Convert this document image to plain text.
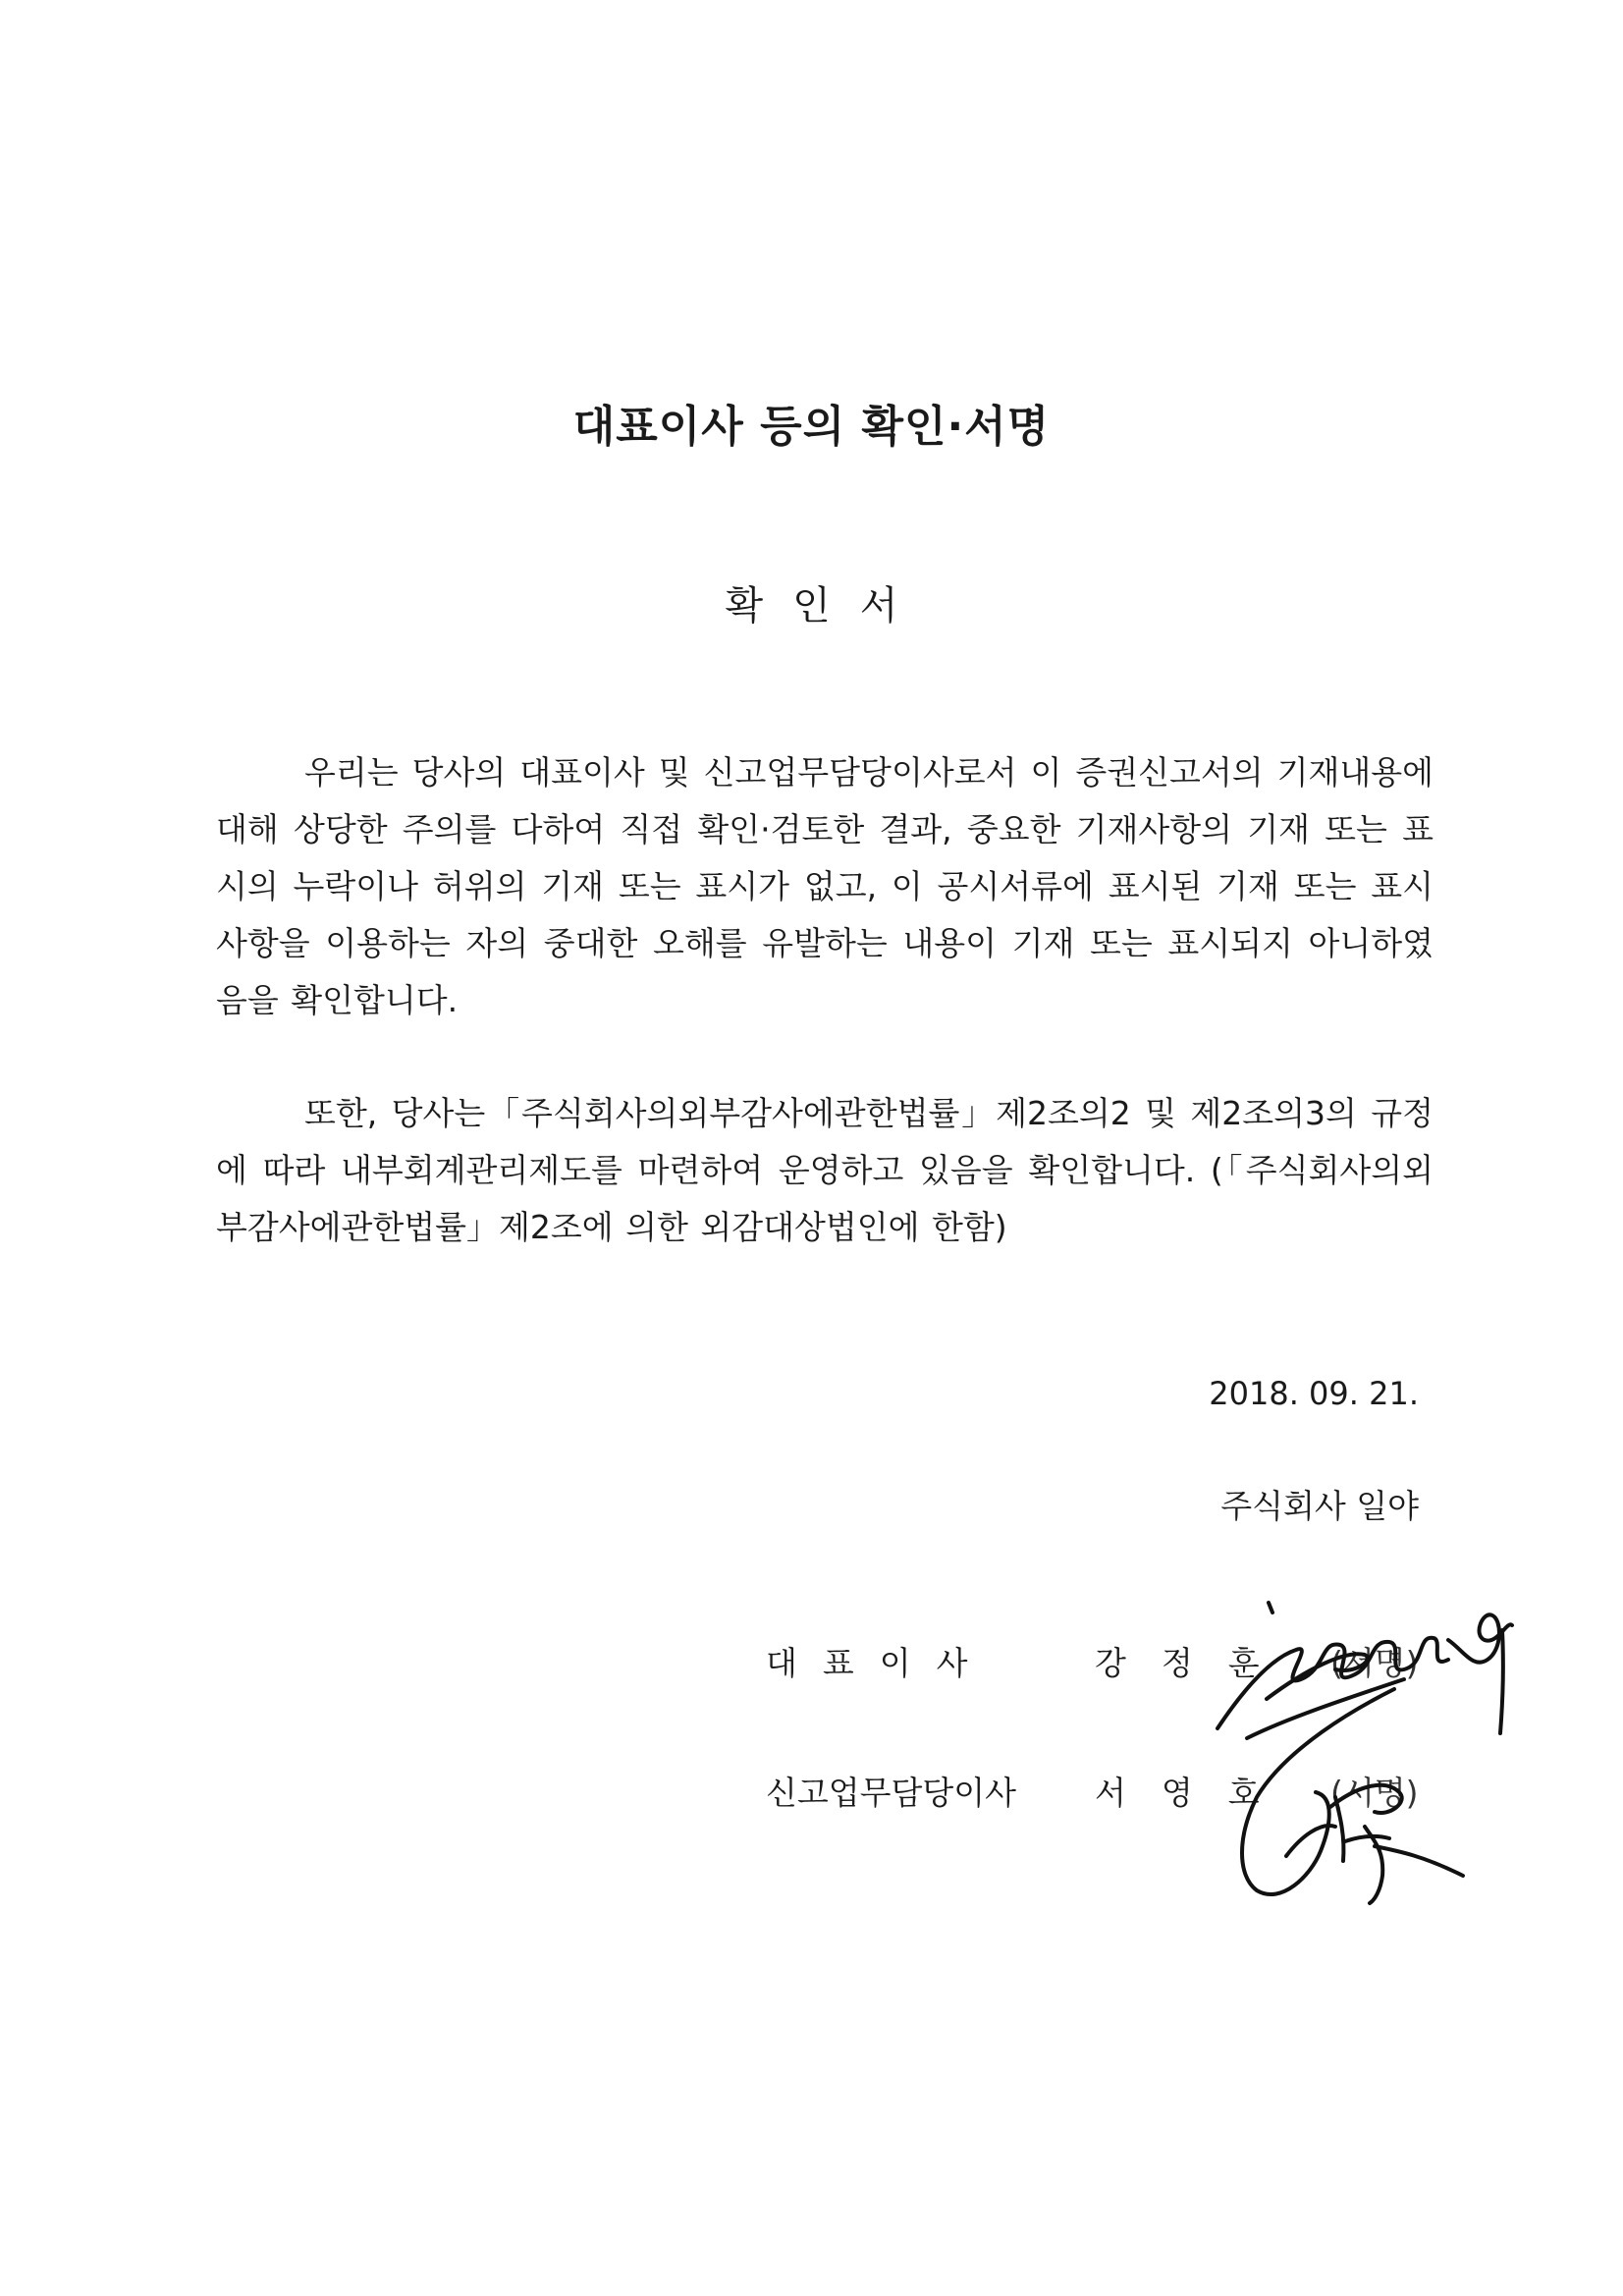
대표이사 등의 확인·서명
확인서
우리는 당사의 대표이사 및 신고업무담당이사로서 이 증권신고서의 기재내용에 대해 상당한 주의를 다하여 직접 확인·검토한 결과, 중요한 기재사항의 기재 또는 표시의 누락이나 허위의 기재 또는 표시가 없고, 이 공시서류에 표시된 기재 또는 표시사항을 이용하는 자의 중대한 오해를 유발하는 내용이 기재 또는 표시되지 아니하였음을 확인합니다.
또한, 당사는「주식회사의외부감사에관한법률」제2조의2 및 제2조의3의 규정에 따라 내부회계관리제도를 마련하여 운영하고 있음을 확인합니다. (「주식회사의외부감사에관한법률」제2조에 의한 외감대상법인에 한함)
2018. 09. 21.
주식회사 일야
대표이사	강정훈 (서명)
신고업무담당이사	서영호 (서명)
